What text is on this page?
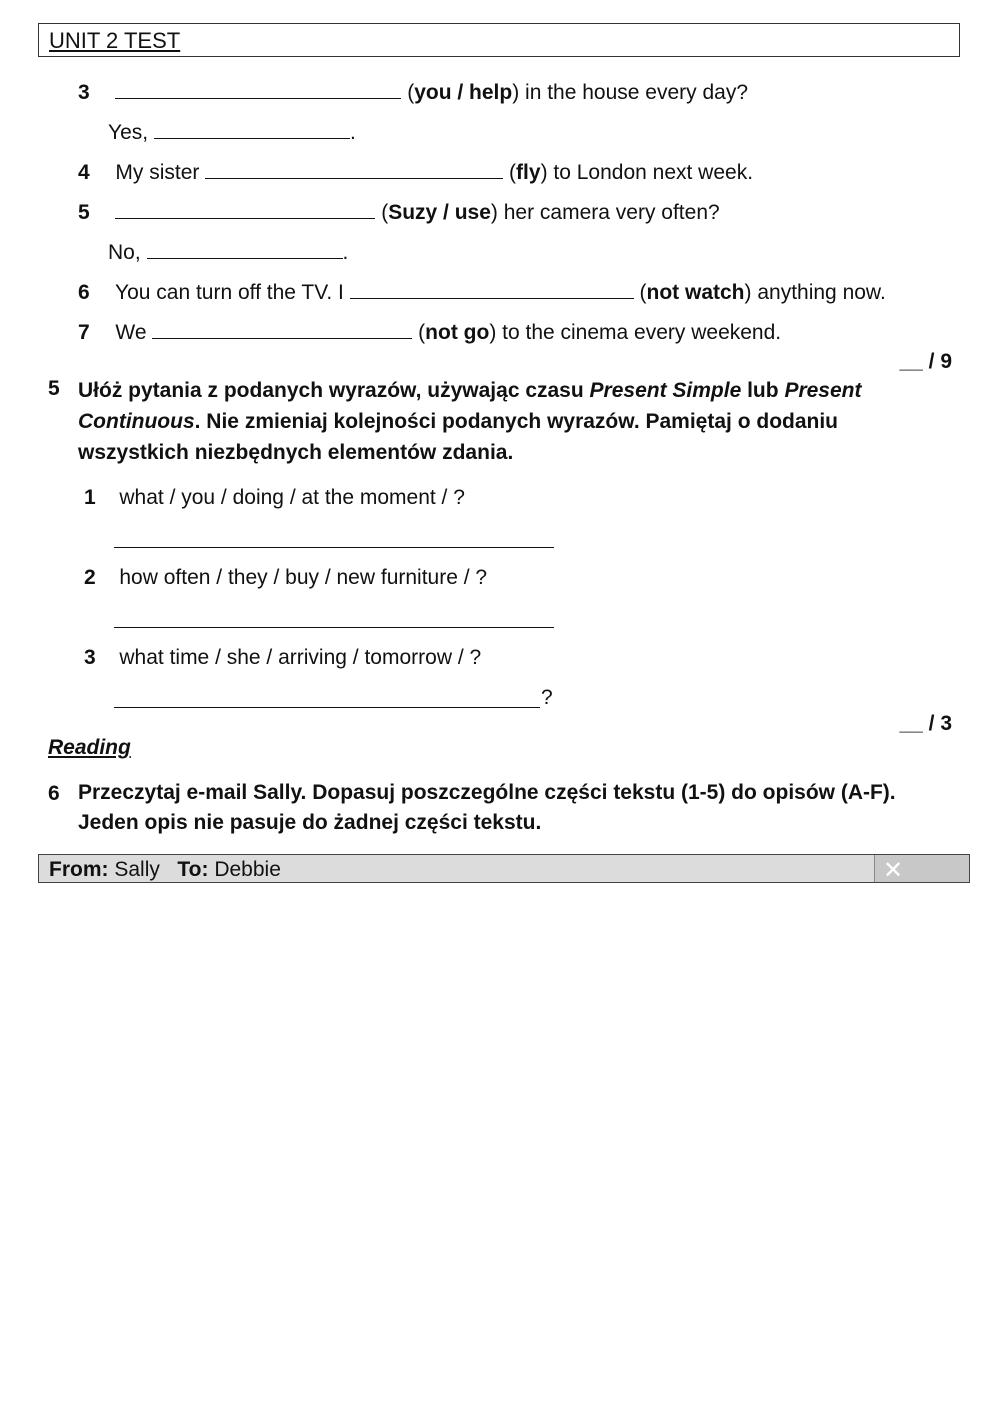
UNIT 2 TEST
3	(you / help) in the house every day?
Yes,	.
4 My sister	(fly) to London next week.
5	(Suzy / use) her camera very often?
No,	.
6 You can turn off the TV. I	(not watch) anything now.
7 We	(not go) to the cinema every weekend.
__ / 9
5 Ułóż pytania z podanych wyrazów, używając czasu Present Simple lub Present Continuous. Nie zmieniaj kolejności podanych wyrazów. Pamiętaj o dodaniu wszystkich niezbędnych elementów zdania.
1 what / you / doing / at the moment / ?
2 how often / they / buy / new furniture / ?
3 what time / she / arriving / tomorrow / ?
?
__ / 3
Reading
6 Przeczytaj e-mail Sally. Dopasuj poszczególne części tekstu (1-5) do opisów (A-F). Jeden opis nie pasuje do żadnej części tekstu.
From: Sally To: Debbie	✕
